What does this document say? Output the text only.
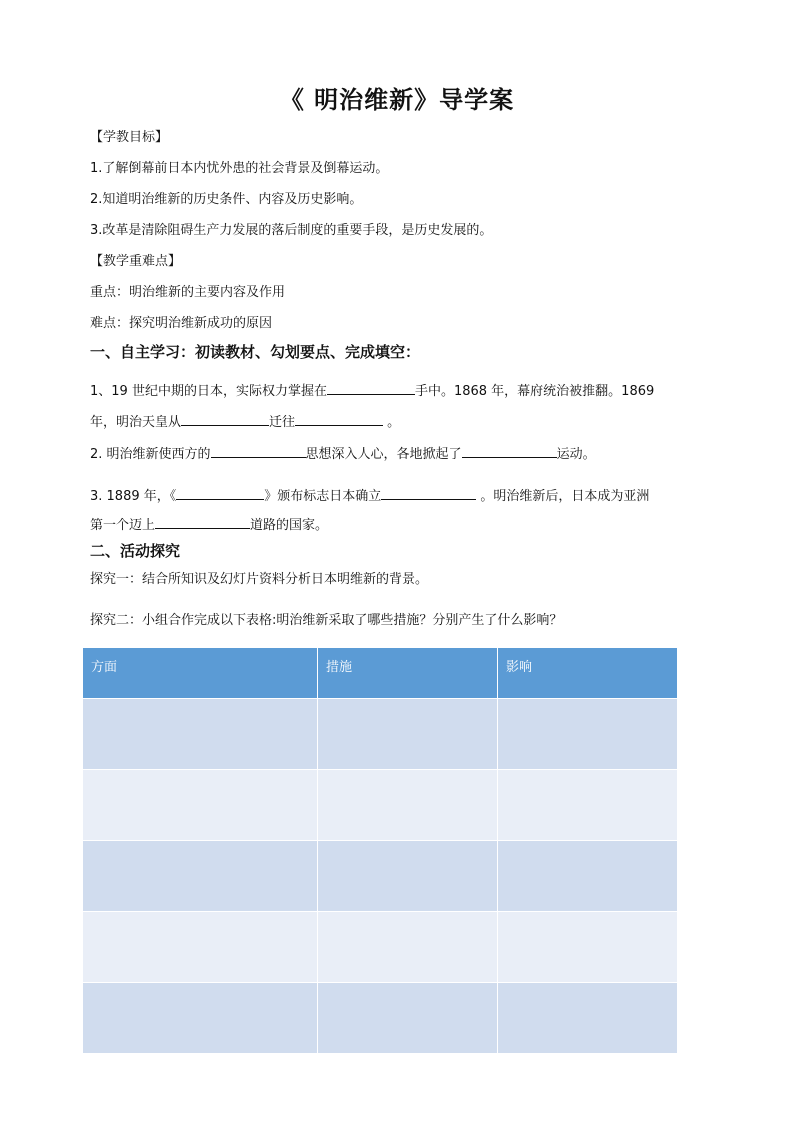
《 明治维新》导学案
【学教目标】
1.了解倒幕前日本内忧外患的社会背景及倒幕运动。
2.知道明治维新的历史条件、内容及历史影响。
3.改革是清除阻碍生产力发展的落后制度的重要手段，是历史发展的。
【教学重难点】
重点：明治维新的主要内容及作用
难点：探究明治维新成功的原因
一、自主学习：初读教材、勾划要点、完成填空：
1、19 世纪中期的日本，实际权力掌握在	手中。1868 年，幕府统治被推翻。1869
年，明治天皇从	迁往	。
2. 明治维新使西方的	思想深入人心，各地掀起了	运动。
3. 1889 年，《	》颁布标志日本确立	。明治维新后，日本成为亚洲
第一个迈上	道路的国家。
二、活动探究
探究一：结合所知识及幻灯片资料分析日本明维新的背景。
探究二：小组合作完成以下表格:明治维新采取了哪些措施？分别产生了什么影响？
方面	措施	影响
